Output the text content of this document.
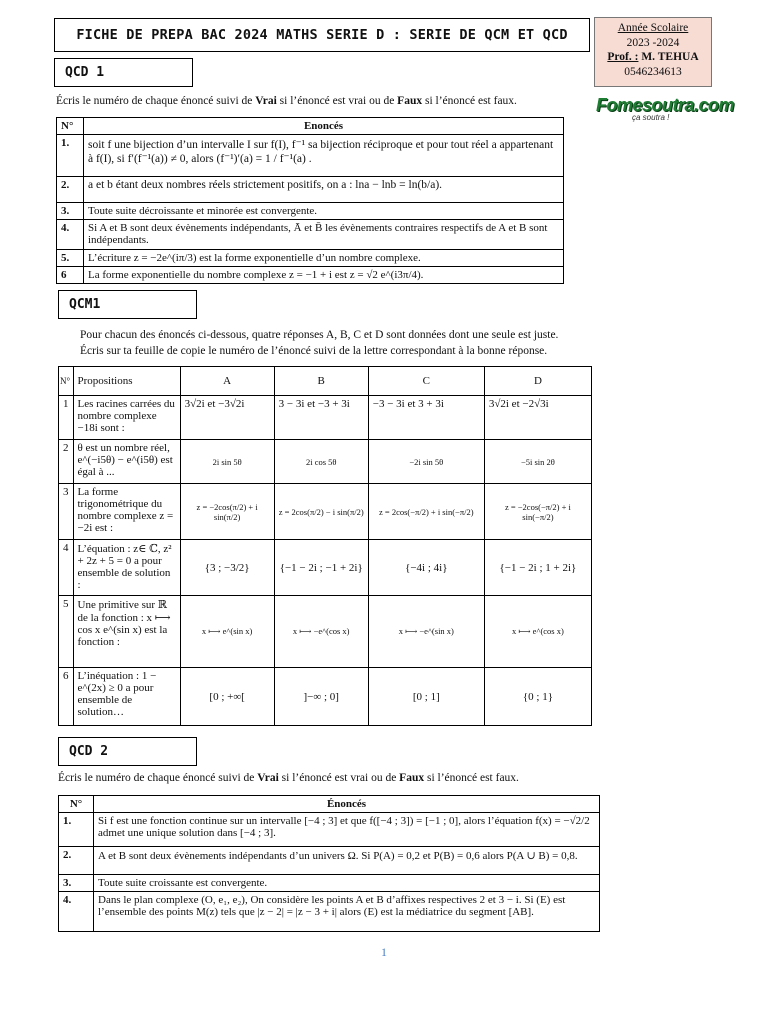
FICHE DE PREPA BAC 2024 MATHS SERIE D : SERIE DE QCM ET QCD	Année Scolaire
2023 -2024
Prof. : M. TEHUA
0546234613
Fomesoutra.com
ça soutra !
QCD 1
Écris le numéro de chaque énoncé suivi de Vrai si l’énoncé est vrai ou de Faux si l’énoncé est faux.
N°	Enoncés
1.	soit f une bijection d’un intervalle I sur f(I), f⁻¹ sa bijection réciproque et pour tout réel a appartenant à f(I), si f′(f⁻¹(a)) ≠ 0, alors (f⁻¹)′(a) = 1 / f⁻¹(a) .
2.	a et b étant deux nombres réels strictement positifs, on a : lna − lnb = ln(b/a).
3.	Toute suite décroissante et minorée est convergente.
4.	Si A et B sont deux évènements indépendants, Ā et B̄ les évènements contraires respectifs de A et B sont indépendants.
5.	L’écriture z = −2e^(iπ/3) est la forme exponentielle d’un nombre complexe.
6	La forme exponentielle du nombre complexe z = −1 + i est z = √2 e^(i3π/4).
QCM1
Pour chacun des énoncés ci-dessous, quatre réponses A, B, C et D sont données dont une seule est juste. Écris sur ta feuille de copie le numéro de l’énoncé suivi de la lettre correspondant à la bonne réponse.
N°	Propositions	A	B	C	D
1	Les racines carrées du nombre complexe −18i sont :	3√2i et −3√2i	3 − 3i et −3 + 3i	−3 − 3i et 3 + 3i	3√2i et −2√3i
2	θ est un nombre réel, e^(−i5θ) − e^(i5θ) est égal à ...	2i sin 5θ	2i cos 5θ	−2i sin 5θ	−5i sin 2θ
3	La forme trigonométrique du nombre complexe z = −2i est :	z = −2cos(π/2) + i sin(π/2)	z = 2cos(π/2) − i sin(π/2)	z = 2cos(−π/2) + i sin(−π/2)	z = −2cos(−π/2) + i sin(−π/2)
4	L’équation : z∈ ℂ, z² + 2z + 5 = 0 a pour ensemble de solution :	{3 ; −3/2}	{−1 − 2i ; −1 + 2i}	{−4i ; 4i}	{−1 − 2i ; 1 + 2i}
5	Une primitive sur ℝ de la fonction : x ⟼ cos x e^(sin x) est la fonction :	x ⟼ e^(sin x)	x ⟼ −e^(cos x)	x ⟼ −e^(sin x)	x ⟼ e^(cos x)
6	L’inéquation : 1 − e^(2x) ≥ 0 a pour ensemble de solution…	[0 ; +∞[	]−∞ ; 0]	[0 ; 1]	{0 ; 1}
QCD 2
Écris le numéro de chaque énoncé suivi de Vrai si l’énoncé est vrai ou de Faux si l’énoncé est faux.
N°	Énoncés
1.	Si f est une fonction continue sur un intervalle [−4 ; 3] et que f([−4 ; 3]) = [−1 ; 0], alors l’équation f(x) = −√2/2 admet une unique solution dans [−4 ; 3].
2.	A et B sont deux évènements indépendants d’un univers Ω. Si P(A) = 0,2 et P(B) = 0,6 alors P(A ∪ B) = 0,8.
3.	Toute suite croissante est convergente.
4.	Dans le plan complexe (O, e₁, e₂), On considère les points A et B d’affixes respectives 2 et 3 − i. Si (E) est l’ensemble des points M(z) tels que |z − 2| = |z − 3 + i| alors (E) est la médiatrice du segment [AB].
1
